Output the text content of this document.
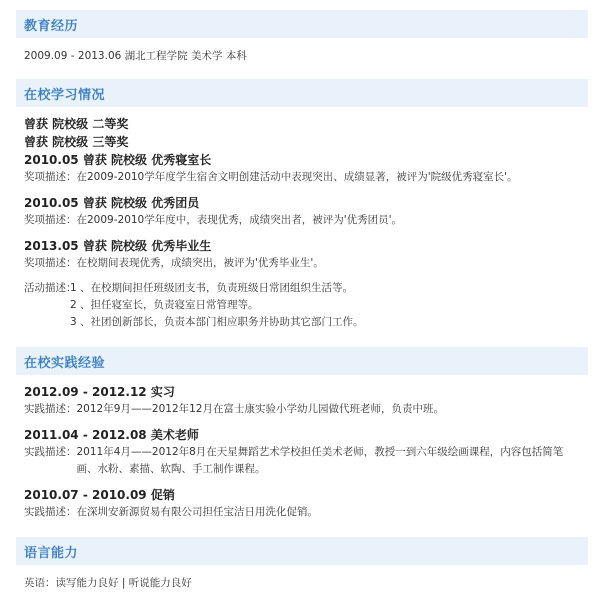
教育经历
2009.09 - 2013.06 湖北工程学院 美术学 本科
在校学习情况
曾获 院校级 二等奖
曾获 院校级 三等奖
2010.05 曾获 院校级 优秀寝室长
奖项描述： 在2009-2010学年度学生宿舍文明创建活动中表现突出、成绩显著，被评为'院级优秀寝室长'。
2010.05 曾获 院校级 优秀团员
奖项描述： 在2009-2010学年度中，表现优秀，成绩突出者，被评为'优秀团员'。
2013.05 曾获 院校级 优秀毕业生
奖项描述： 在校期间表现优秀，成绩突出，被评为'优秀毕业生'。
活动描述：
1 、在校期间担任班级团支书，负责班级日常团组织生活等。
2 、担任寝室长，负责寝室日常管理等。
3 、社团创新部长，负责本部门相应职务并协助其它部门工作。
在校实践经验
2012.09 - 2012.12 实习
实践描述： 2012年9月——2012年12月在富士康实验小学幼儿园做代班老师，负责中班。
2011.04 - 2012.08 美术老师
实践描述： 2011年4月——2012年8月在天星舞蹈艺术学校担任美术老师，教授一到六年级绘画课程，内容包括简笔画、水粉、素描、软陶、手工制作课程。
2010.07 - 2010.09 促销
实践描述： 在深圳安新源贸易有限公司担任宝洁日用洗化促销。
语言能力
英语：读写能力良好 | 听说能力良好
